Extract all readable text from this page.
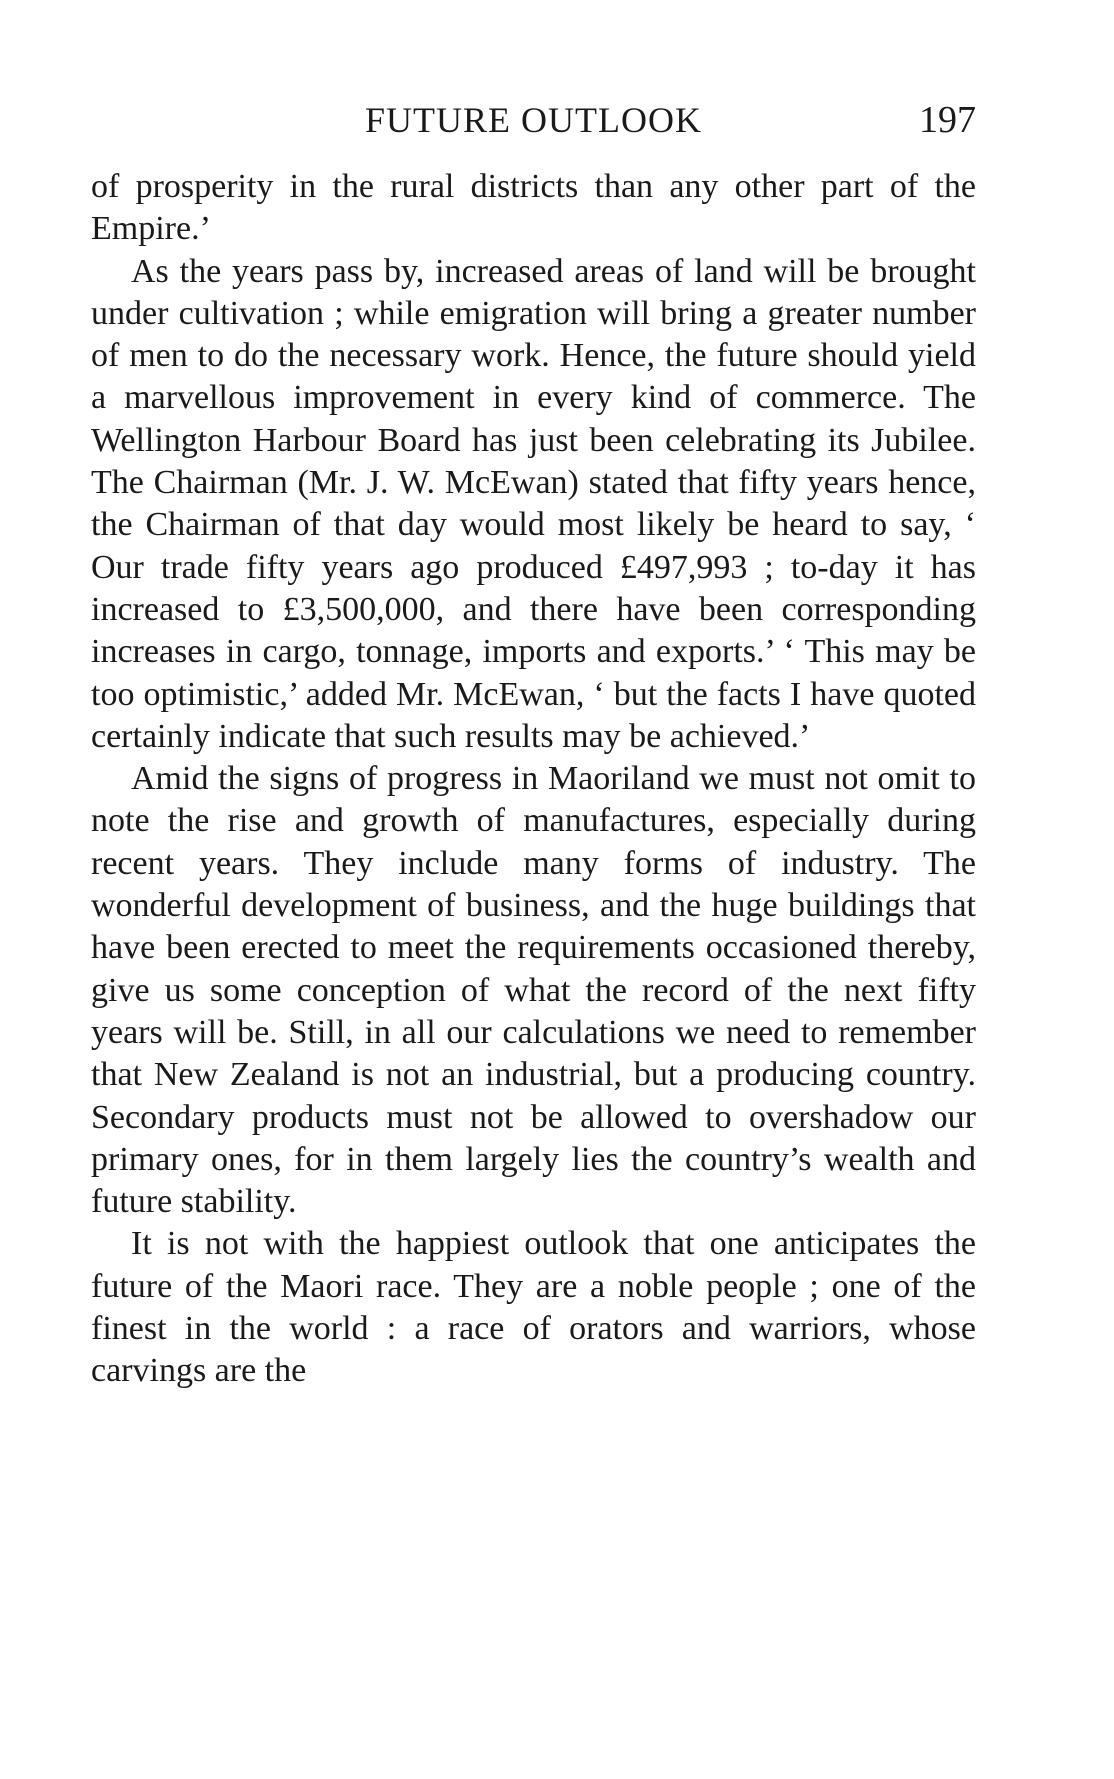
FUTURE OUTLOOK	197

of prosperity in the rural districts than any other part of the Empire.’

As the years pass by, increased areas of land will be brought under cultivation ; while emigration will bring a greater number of men to do the necessary work. Hence, the future should yield a marvellous improvement in every kind of commerce. The Wellington Harbour Board has just been celebrating its Jubilee. The Chairman (Mr. J. W. McEwan) stated that fifty years hence, the Chairman of that day would most likely be heard to say, ‘ Our trade fifty years ago produced £497,993 ; to-day it has increased to £3,500,000, and there have been corresponding increases in cargo, tonnage, imports and exports.’ ‘ This may be too optimistic,’ added Mr. McEwan, ‘ but the facts I have quoted certainly indicate that such results may be achieved.’

Amid the signs of progress in Maoriland we must not omit to note the rise and growth of manufactures, especially during recent years. They include many forms of industry. The wonderful development of business, and the huge buildings that have been erected to meet the requirements occasioned thereby, give us some conception of what the record of the next fifty years will be. Still, in all our calculations we need to remember that New Zealand is not an industrial, but a producing country. Secondary products must not be allowed to overshadow our primary ones, for in them largely lies the country’s wealth and future stability.

It is not with the happiest outlook that one anticipates the future of the Maori race. They are a noble people ; one of the finest in the world : a race of orators and warriors, whose carvings are the
